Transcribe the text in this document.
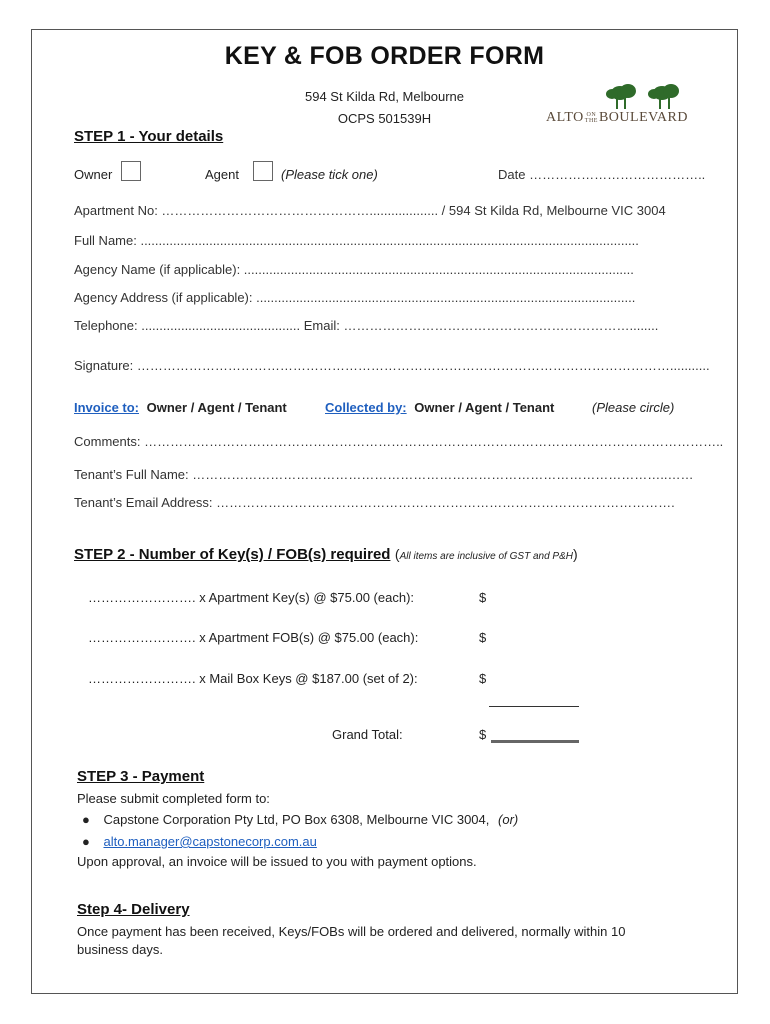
KEY & FOB ORDER FORM
594 St Kilda Rd, Melbourne
OCPS 501539H	ALTO ON
THEBOULEVARD
STEP 1 - Your details
Owner	Agent	(Please tick one)	Date …………………………………..
Apartment No: …………………………………………................... / 594 St Kilda Rd, Melbourne VIC 3004
Full Name: ..........................................................................................................................................
Agency Name (if applicable): ............................................................................................................
Agency Address (if applicable): .........................................................................................................
Telephone: ............................................ Email: …………………………………………………………........
Signature: ……………………………………………………………………………………………………………...........
Invoice to: Owner / Agent / Tenant	Collected by: Owner / Agent / Tenant	(Please circle)
Comments: ……………………………………………………………………………………………………………………..
Tenant’s Full Name: ………………………………………………………………………………………………..……
Tenant’s Email Address: …………………………………………………………………………………………….
STEP 2 - Number of Key(s) / FOB(s) required (All items are inclusive of GST and P&H)
……………………. x Apartment Key(s) @ $75.00 (each):	$
……………………. x Apartment FOB(s) @ $75.00 (each):	$
……………………. x Mail Box Keys @ $187.00 (set of 2):	$
Grand Total:	$
STEP 3 - Payment
Please submit completed form to:
● Capstone Corporation Pty Ltd, PO Box 6308, Melbourne VIC 3004, (or)
● alto.manager@capstonecorp.com.au
Upon approval, an invoice will be issued to you with payment options.
Step 4- Delivery
Once payment has been received, Keys/FOBs will be ordered and delivered, normally within 10
business days.
